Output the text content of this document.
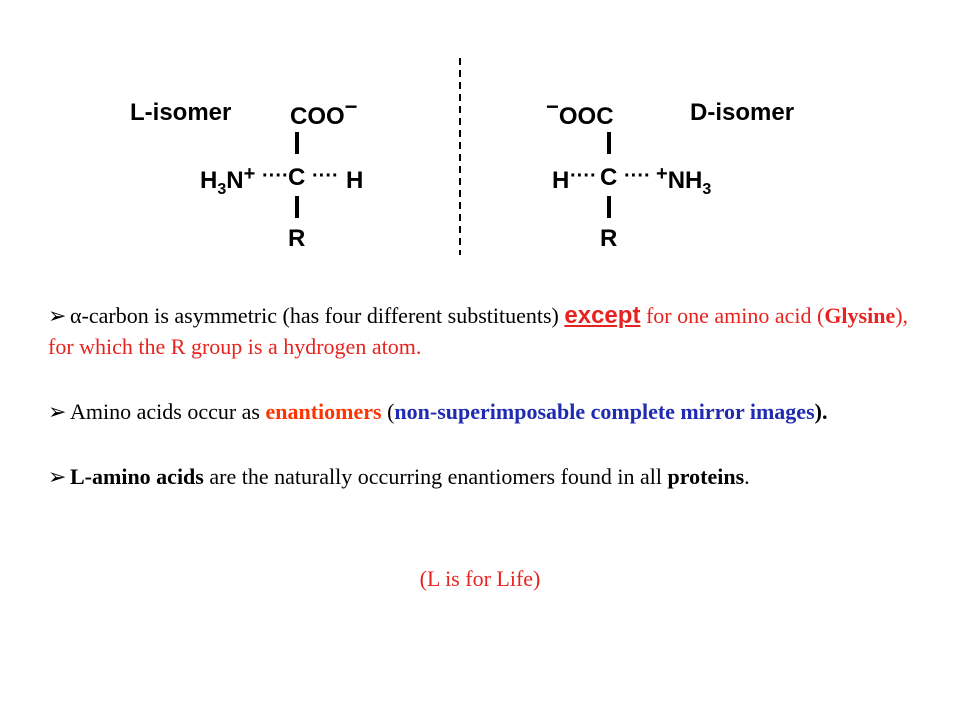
L-isomer COO−
$H_3N^+$ ···· C ···· H
R
−OOC	D-isomer
H ···· C ···· $^+NH_3$
R
➢ α-carbon is asymmetric (has four different substituents) except for one amino acid (Glysine), for which the R group is a hydrogen atom.
➢ Amino acids occur as enantiomers (non-superimposable complete mirror images).
➢ L-amino acids are the naturally occurring enantiomers found in all proteins.
(L is for Life)
